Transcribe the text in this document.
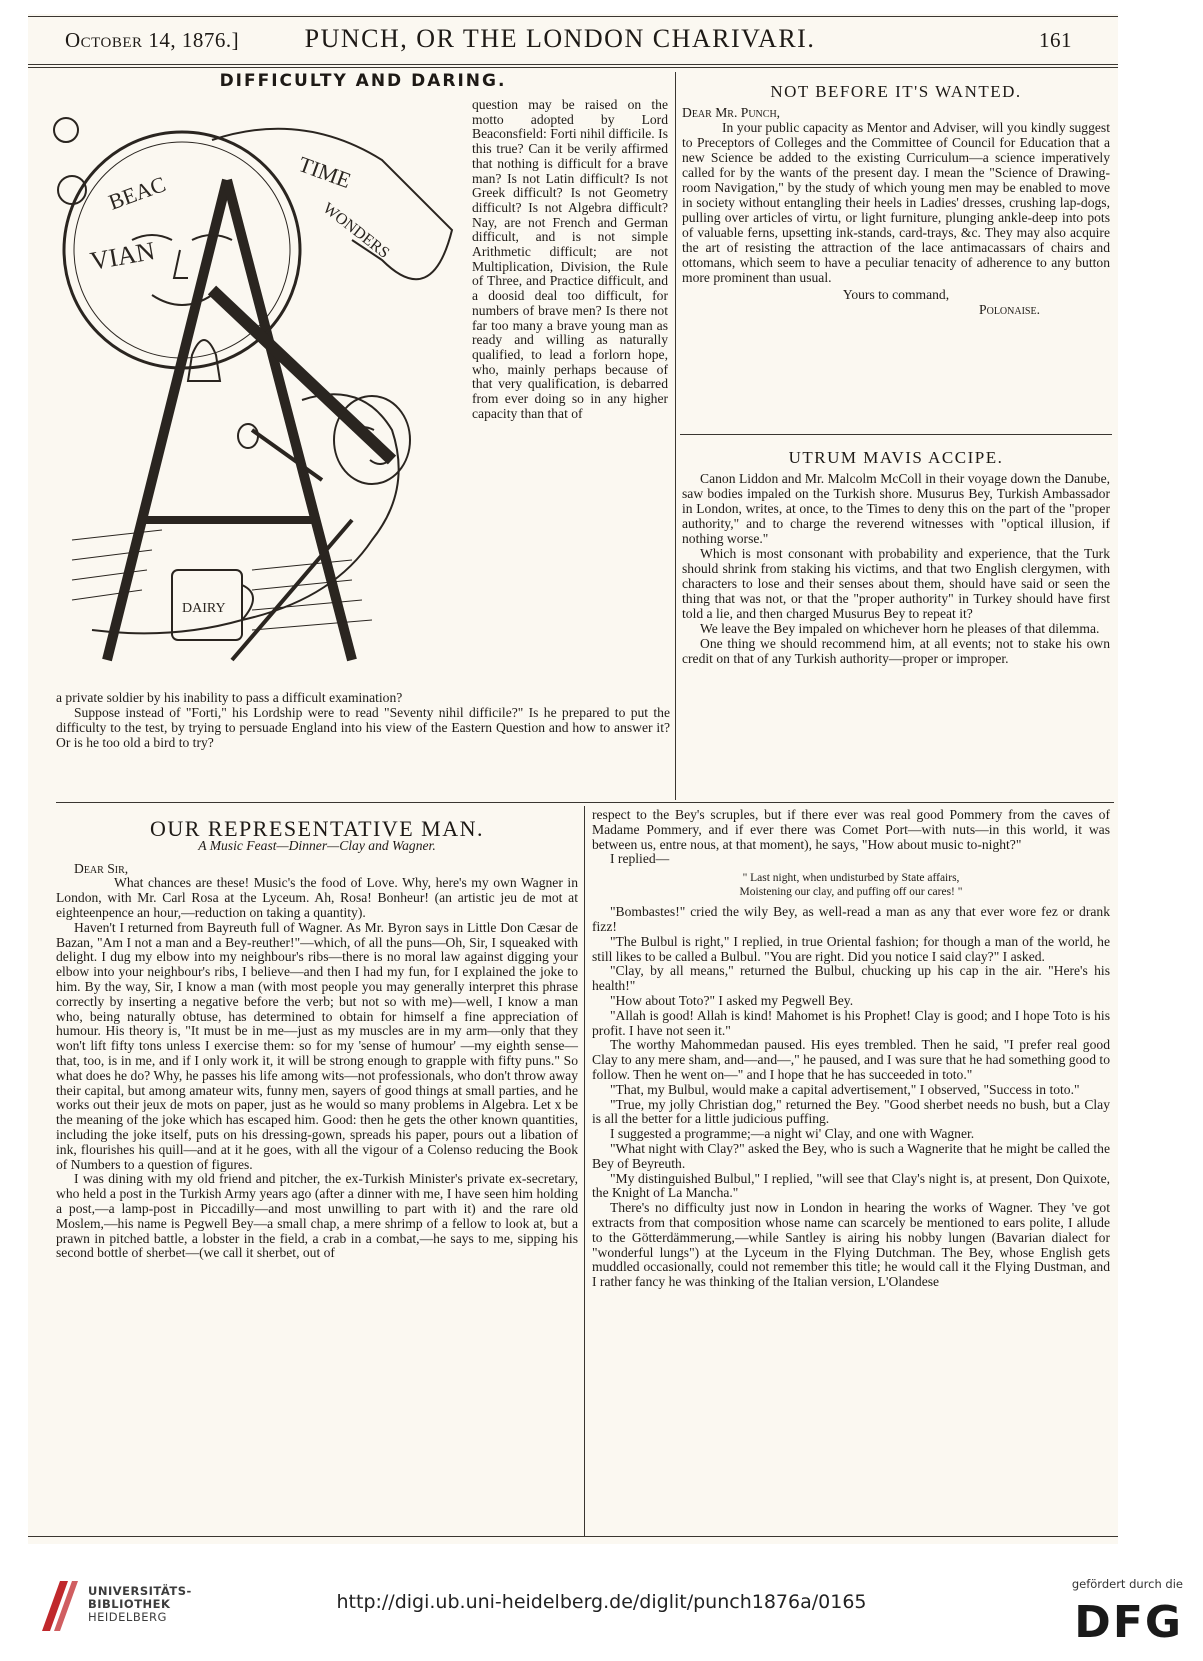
October 14, 1876.]	PUNCH, OR THE LONDON CHARIVARI.	161
DIFFICULTY AND DARING.
BEAC
VIAN
TIME
WONDERS
DAIRY

question may be raised on the motto adopted by Lord Beaconsfield: Forti nihil difficile. Is this true? Can it be verily affirmed that nothing is difficult for a brave man? Is not Latin difficult? Is not Greek difficult? Is not Geometry difficult? Is not Algebra difficult? Nay, are not French and German difficult, and is not simple Arithmetic difficult; are not Multiplication, Division, the Rule of Three, and Practice difficult, and a doosid deal too difficult, for numbers of brave men? Is there not far too many a brave young man as ready and willing as naturally qualified, to lead a forlorn hope, who, mainly perhaps because of that very qualification, is debarred from ever doing so in any higher capacity than that of

a private soldier by his inability to pass a difficult examination?

Suppose instead of "Forti," his Lordship were to read "Seventy nihil difficile?" Is he prepared to put the difficulty to the test, by trying to persuade England into his view of the Eastern Question and how to answer it? Or is he too old a bird to try?

NOT BEFORE IT'S WANTED.

Dear Mr. Punch,

In your public capacity as Mentor and Adviser, will you kindly suggest to Preceptors of Colleges and the Committee of Council for Education that a new Science be added to the existing Curriculum—a science imperatively called for by the wants of the present day. I mean the "Science of Drawing-room Navigation," by the study of which young men may be enabled to move in society without entangling their heels in Ladies' dresses, crushing lap-dogs, pulling over articles of virtu, or light furniture, plunging ankle-deep into pots of valuable ferns, upsetting ink-stands, card-trays, &c. They may also acquire the art of resisting the attraction of the lace antimacassars of chairs and ottomans, which seem to have a peculiar tenacity of adherence to any button more prominent than usual.

Yours to command,

Polonaise.

UTRUM MAVIS ACCIPE.

Canon Liddon and Mr. Malcolm McColl in their voyage down the Danube, saw bodies impaled on the Turkish shore. Musurus Bey, Turkish Ambassador in London, writes, at once, to the Times to deny this on the part of the "proper authority," and to charge the reverend witnesses with "optical illusion, if nothing worse."

Which is most consonant with probability and experience, that the Turk should shrink from staking his victims, and that two English clergymen, with characters to lose and their senses about them, should have said or seen the thing that was not, or that the "proper authority" in Turkey should have first told a lie, and then charged Musurus Bey to repeat it?

We leave the Bey impaled on whichever horn he pleases of that dilemma.

One thing we should recommend him, at all events; not to stake his own credit on that of any Turkish authority—proper or improper.

OUR REPRESENTATIVE MAN.
A Music Feast—Dinner—Clay and Wagner.

Dear Sir,

What chances are these! Music's the food of Love. Why, here's my own Wagner in London, with Mr. Carl Rosa at the Lyceum. Ah, Rosa! Bonheur! (an artistic jeu de mot at eighteenpence an hour,—reduction on taking a quantity).

Haven't I returned from Bayreuth full of Wagner. As Mr. Byron says in Little Don Cæsar de Bazan, "Am I not a man and a Bey-reuther!"—which, of all the puns—Oh, Sir, I squeaked with delight. I dug my elbow into my neighbour's ribs—there is no moral law against digging your elbow into your neighbour's ribs, I believe—and then I had my fun, for I explained the joke to him. By the way, Sir, I know a man (with most people you may generally interpret this phrase correctly by inserting a negative before the verb; but not so with me)—well, I know a man who, being naturally obtuse, has determined to obtain for himself a fine appreciation of humour. His theory is, "It must be in me—just as my muscles are in my arm—only that they won't lift fifty tons unless I exercise them: so for my 'sense of humour' —my eighth sense—that, too, is in me, and if I only work it, it will be strong enough to grapple with fifty puns." So what does he do? Why, he passes his life among wits—not professionals, who don't throw away their capital, but among amateur wits, funny men, sayers of good things at small parties, and he works out their jeux de mots on paper, just as he would so many problems in Algebra. Let x be the meaning of the joke which has escaped him. Good: then he gets the other known quantities, including the joke itself, puts on his dressing-gown, spreads his paper, pours out a libation of ink, flourishes his quill—and at it he goes, with all the vigour of a Colenso reducing the Book of Numbers to a question of figures.

I was dining with my old friend and pitcher, the ex-Turkish Minister's private ex-secretary, who held a post in the Turkish Army years ago (after a dinner with me, I have seen him holding a post,—a lamp-post in Piccadilly—and most unwilling to part with it) and the rare old Moslem,—his name is Pegwell Bey—a small chap, a mere shrimp of a fellow to look at, but a prawn in pitched battle, a lobster in the field, a crab in a combat,—he says to me, sipping his second bottle of sherbet—(we call it sherbet, out of

respect to the Bey's scruples, but if there ever was real good Pommery from the caves of Madame Pommery, and if ever there was Comet Port—with nuts—in this world, it was between us, entre nous, at that moment), he says, "How about music to-night?"

I replied—

" Last night, when undisturbed by State affairs,
Moistening our clay, and puffing off our cares! "

"Bombastes!" cried the wily Bey, as well-read a man as any that ever wore fez or drank fizz!

"The Bulbul is right," I replied, in true Oriental fashion; for though a man of the world, he still likes to be called a Bulbul. "You are right. Did you notice I said clay?" I asked.

"Clay, by all means," returned the Bulbul, chucking up his cap in the air. "Here's his health!"

"How about Toto?" I asked my Pegwell Bey.

"Allah is good! Allah is kind! Mahomet is his Prophet! Clay is good; and I hope Toto is his profit. I have not seen it."

The worthy Mahommedan paused. His eyes trembled. Then he said, "I prefer real good Clay to any mere sham, and—and—," he paused, and I was sure that he had something good to follow. Then he went on—" and I hope that he has succeeded in toto."

"That, my Bulbul, would make a capital advertisement," I observed, "Success in toto."

"True, my jolly Christian dog," returned the Bey. "Good sherbet needs no bush, but a Clay is all the better for a little judicious puffing.

I suggested a programme;—a night wi' Clay, and one with Wagner.

"What night with Clay?" asked the Bey, who is such a Wagnerite that he might be called the Bey of Beyreuth.

"My distinguished Bulbul," I replied, "will see that Clay's night is, at present, Don Quixote, the Knight of La Mancha."

There's no difficulty just now in London in hearing the works of Wagner. They 've got extracts from that composition whose name can scarcely be mentioned to ears polite, I allude to the Götterdämmerung,—while Santley is airing his nobby lungen (Bavarian dialect for "wonderful lungs") at the Lyceum in the Flying Dutchman. The Bey, whose English gets muddled occasionally, could not remember this title; he would call it the Flying Dustman, and I rather fancy he was thinking of the Italian version, L'Olandese

UNIVERSITÄTS-
BIBLIOTHEK
HEIDELBERG
http://digi.ub.uni-heidelberg.de/diglit/punch1876a/0165
gefördert durch die
DFG
